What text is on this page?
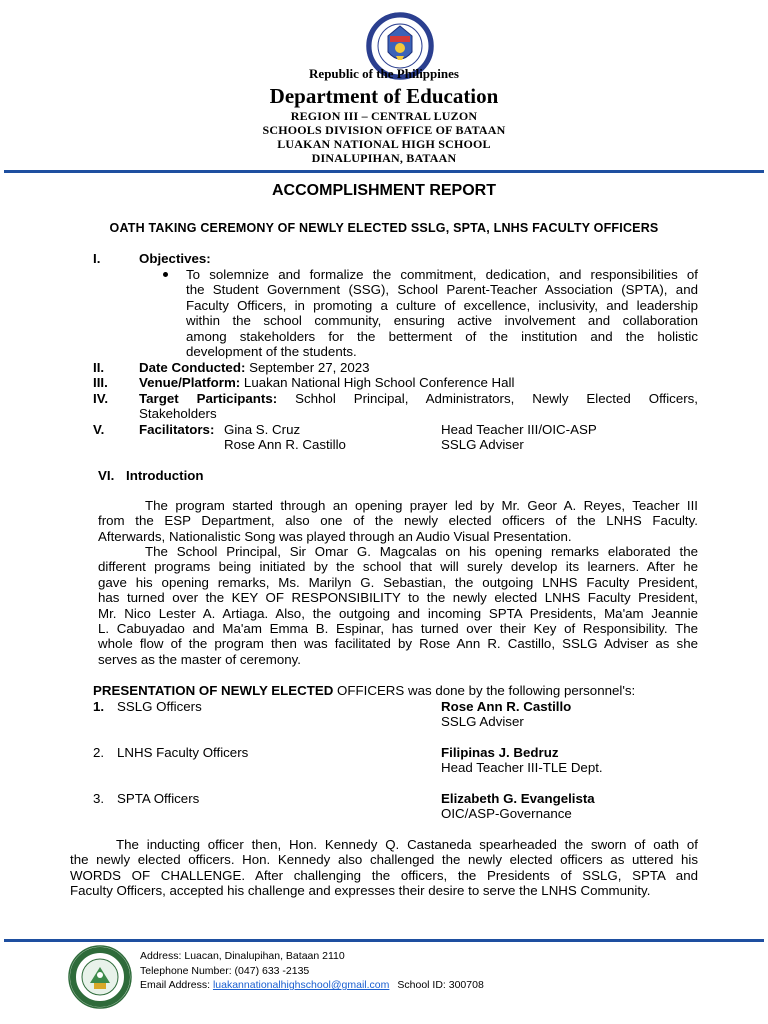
Republic of the Philippines
Department of Education
REGION III – CENTRAL LUZON
SCHOOLS DIVISION OFFICE OF BATAAN
LUAKAN NATIONAL HIGH SCHOOL
DINALUPIHAN, BATAAN
ACCOMPLISHMENT REPORT
OATH TAKING CEREMONY OF NEWLY ELECTED SSLG, SPTA, LNHS FACULTY OFFICERS
I.	Objectives:
To solemnize and formalize the commitment, dedication, and responsibilities of
the Student Government (SSG), School Parent-Teacher Association (SPTA), and
Faculty Officers, in promoting a culture of excellence, inclusivity, and leadership
within the school community, ensuring active involvement and collaboration
among stakeholders for the betterment of the institution and the holistic
development of the students.
II.	Date Conducted: September 27, 2023
III. Venue/Platform: Luakan National High School Conference Hall
IV. Target Participants: Schhol Principal, Administrators, Newly Elected Officers,
Stakeholders
V.	Facilitators: Gina S. Cruz	Head Teacher III/OIC-ASP
Rose Ann R. Castillo	SSLG Adviser
VI. Introduction
The program started through an opening prayer led by Mr. Geor A. Reyes, Teacher III
from the ESP Department, also one of the newly elected officers of the LNHS Faculty.
Afterwards, Nationalistic Song was played through an Audio Visual Presentation.
The School Principal, Sir Omar G. Magcalas on his opening remarks elaborated the
different programs being initiated by the school that will surely develop its learners. After he
gave his opening remarks, Ms. Marilyn G. Sebastian, the outgoing LNHS Faculty President,
has turned over the KEY OF RESPONSIBILITY to the newly elected LNHS Faculty President,
Mr. Nico Lester A. Artiaga. Also, the outgoing and incoming SPTA Presidents, Ma'am Jeannie
L. Cabuyadao and Ma'am Emma B. Espinar, has turned over their Key of Responsibility. The
whole flow of the program then was facilitated by Rose Ann R. Castillo, SSLG Adviser as she
serves as the master of ceremony.
PRESENTATION OF NEWLY ELECTED OFFICERS was done by the following personnel's:
1. SSLG Officers	Rose Ann R. Castillo
SSLG Adviser
2. LNHS Faculty Officers	Filipinas J. Bedruz
Head Teacher III-TLE Dept.
3. SPTA Officers	Elizabeth G. Evangelista
OIC/ASP-Governance
The inducting officer then, Hon. Kennedy Q. Castaneda spearheaded the sworn of oath of
the newly elected officers. Hon. Kennedy also challenged the newly elected officers as uttered his
WORDS OF CHALLENGE. After challenging the officers, the Presidents of SSLG, SPTA and
Faculty Officers, accepted his challenge and expresses their desire to serve the LNHS Community.
Address: Luacan, Dinalupihan, Bataan 2110
Telephone Number: (047) 633 -2135
Email Address: luakannationalhighschool@gmail.com School ID: 300708
